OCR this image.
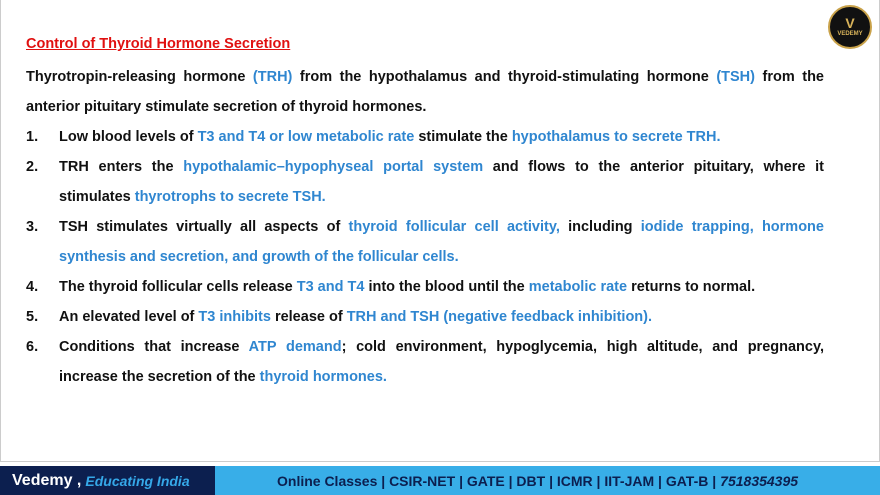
V
VEDEMY
Control of Thyroid Hormone Secretion
Thyrotropin-releasing hormone (TRH) from the hypothalamus and thyroid-stimulating hormone (TSH) from the anterior pituitary stimulate secretion of thyroid hormones.
1.	Low blood levels of T3 and T4 or low metabolic rate stimulate the hypothalamus to secrete TRH.
2.	TRH enters the hypothalamic–hypophyseal portal system and flows to the anterior pituitary, where it stimulates thyrotrophs to secrete TSH.
3.	TSH stimulates virtually all aspects of thyroid follicular cell activity, including iodide trapping, hormone synthesis and secretion, and growth of the follicular cells.
4.	The thyroid follicular cells release T3 and T4 into the blood until the metabolic rate returns to normal.
5.	An elevated level of T3 inhibits release of TRH and TSH (negative feedback inhibition).
6.	Conditions that increase ATP demand; cold environment, hypoglycemia, high altitude, and pregnancy, increase the secretion of the thyroid hormones.
Vedemy , Educating India	Online Classes | CSIR-NET | GATE | DBT | ICMR | IIT-JAM | GAT-B | 7518354395
